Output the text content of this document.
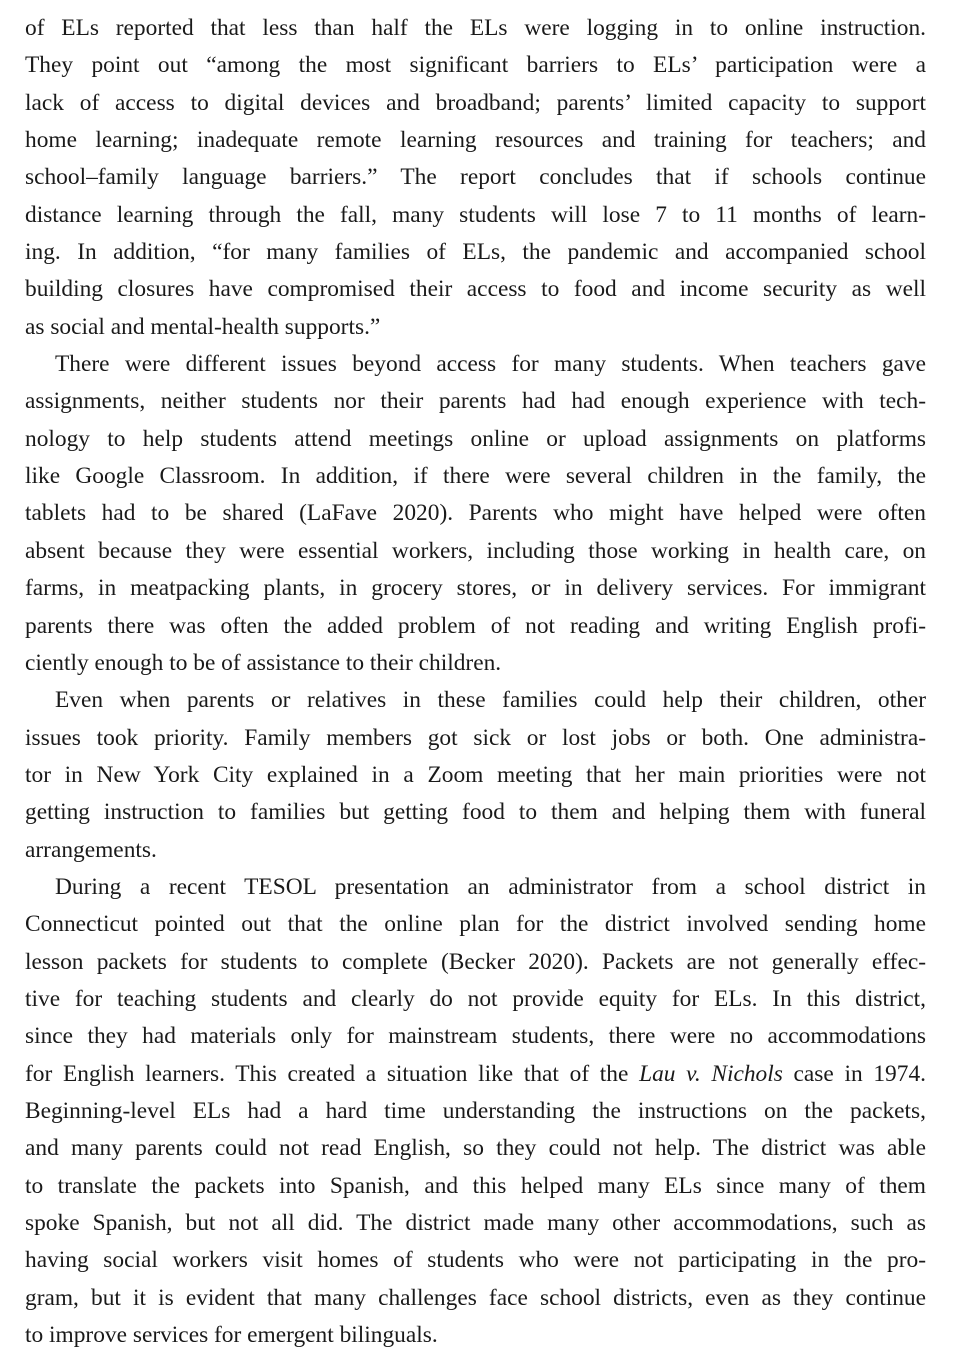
of ELs reported that less than half the ELs were logging in to online instruction.
They point out “among the most significant barriers to ELs’ participation were a
lack of access to digital devices and broadband; parents’ limited capacity to support
home learning; inadequate remote learning resources and training for teachers; and
school–family language barriers.” The report concludes that if schools continue
distance learning through the fall, many students will lose 7 to 11 months of learn-
ing. In addition, “for many families of ELs, the pandemic and accompanied school
building closures have compromised their access to food and income security as well
as social and mental-health supports.”
There were different issues beyond access for many students. When teachers gave
assignments, neither students nor their parents had had enough experience with tech-
nology to help students attend meetings online or upload assignments on platforms
like Google Classroom. In addition, if there were several children in the family, the
tablets had to be shared (LaFave 2020). Parents who might have helped were often
absent because they were essential workers, including those working in health care, on
farms, in meatpacking plants, in grocery stores, or in delivery services. For immigrant
parents there was often the added problem of not reading and writing English profi-
ciently enough to be of assistance to their children.
Even when parents or relatives in these families could help their children, other
issues took priority. Family members got sick or lost jobs or both. One administra-
tor in New York City explained in a Zoom meeting that her main priorities were not
getting instruction to families but getting food to them and helping them with funeral
arrangements.
During a recent TESOL presentation an administrator from a school district in
Connecticut pointed out that the online plan for the district involved sending home
lesson packets for students to complete (Becker 2020). Packets are not generally effec-
tive for teaching students and clearly do not provide equity for ELs. In this district,
since they had materials only for mainstream students, there were no accommodations
for English learners. This created a situation like that of the Lau v. Nichols case in 1974.
Beginning-level ELs had a hard time understanding the instructions on the packets,
and many parents could not read English, so they could not help. The district was able
to translate the packets into Spanish, and this helped many ELs since many of them
spoke Spanish, but not all did. The district made many other accommodations, such as
having social workers visit homes of students who were not participating in the pro-
gram, but it is evident that many challenges face school districts, even as they continue
to improve services for emergent bilinguals.
